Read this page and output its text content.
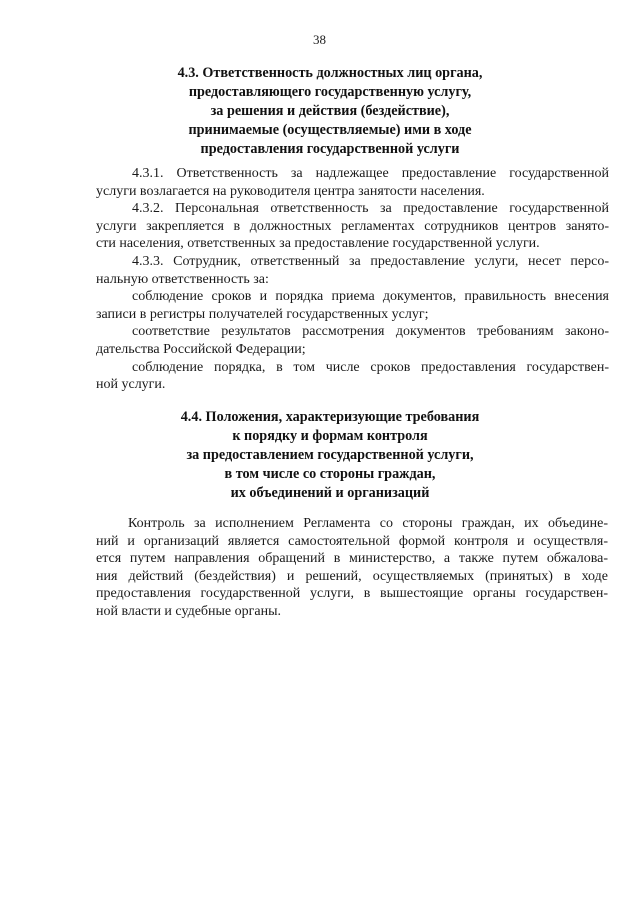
38
4.3. Ответственность должностных лиц органа,
предоставляющего государственную услугу,
за решения и действия (бездействие),
принимаемые (осуществляемые) ими в ходе
предоставления государственной услуги
4.3.1. Ответственность за надлежащее предоставление государственной
услуги возлагается на руководителя центра занятости населения.
4.3.2. Персональная ответственность за предоставление государственной
услуги закрепляется в должностных регламентах сотрудников центров занято-
сти населения, ответственных за предоставление государственной услуги.
4.3.3. Сотрудник, ответственный за предоставление услуги, несет персо-
нальную ответственность за:
соблюдение сроков и порядка приема документов, правильность внесения
записи в регистры получателей государственных услуг;
соответствие результатов рассмотрения документов требованиям законо-
дательства Российской Федерации;
соблюдение порядка, в том числе сроков предоставления государствен-
ной услуги.
4.4. Положения, характеризующие требования
к порядку и формам контроля
за предоставлением государственной услуги,
в том числе со стороны граждан,
их объединений и организаций
Контроль за исполнением Регламента со стороны граждан, их объедине-
ний и организаций является самостоятельной формой контроля и осуществля-
ется путем направления обращений в министерство, а также путем обжалова-
ния действий (бездействия) и решений, осуществляемых (принятых) в ходе
предоставления государственной услуги, в вышестоящие органы государствен-
ной власти и судебные органы.
